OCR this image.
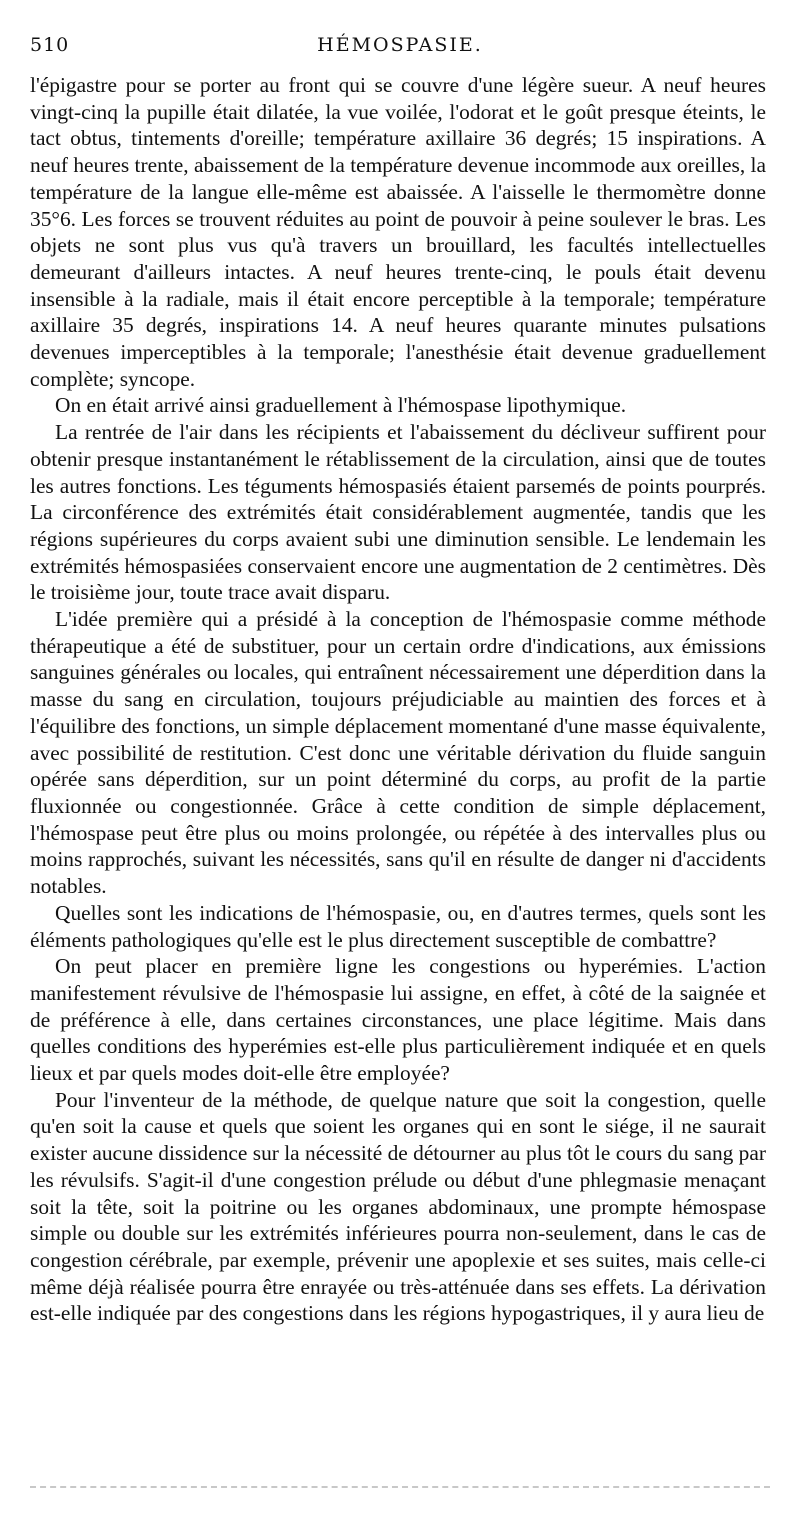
510	HÉMOSPASIE.

l'épigastre pour se porter au front qui se couvre d'une légère sueur. A neuf heures vingt-cinq la pupille était dilatée, la vue voilée, l'odorat et le goût presque éteints, le tact obtus, tintements d'oreille; température axillaire 36 degrés; 15 inspirations. A neuf heures trente, abaissement de la température devenue incommode aux oreilles, la température de la langue elle-même est abaissée. A l'aisselle le thermomètre donne 35°6. Les forces se trouvent réduites au point de pouvoir à peine soulever le bras. Les objets ne sont plus vus qu'à travers un brouillard, les facultés intellectuelles demeurant d'ailleurs intactes. A neuf heures trente-cinq, le pouls était devenu insensible à la radiale, mais il était encore perceptible à la temporale; température axillaire 35 degrés, inspirations 14. A neuf heures quarante minutes pulsations devenues imperceptibles à la temporale; l'anesthésie était devenue graduellement complète; syncope.

On en était arrivé ainsi graduellement à l'hémospase lipothymique.

La rentrée de l'air dans les récipients et l'abaissement du décliveur suffirent pour obtenir presque instantanément le rétablissement de la circulation, ainsi que de toutes les autres fonctions. Les téguments hémospasiés étaient parsemés de points pourprés. La circonférence des extrémités était considérablement augmentée, tandis que les régions supérieures du corps avaient subi une diminution sensible. Le lendemain les extrémités hémospasiées conservaient encore une augmentation de 2 centimètres. Dès le troisième jour, toute trace avait disparu.

L'idée première qui a présidé à la conception de l'hémospasie comme méthode thérapeutique a été de substituer, pour un certain ordre d'indications, aux émissions sanguines générales ou locales, qui entraînent nécessairement une déperdition dans la masse du sang en circulation, toujours préjudiciable au maintien des forces et à l'équilibre des fonctions, un simple déplacement momentané d'une masse équivalente, avec possibilité de restitution. C'est donc une véritable dérivation du fluide sanguin opérée sans déperdition, sur un point déterminé du corps, au profit de la partie fluxionnée ou congestionnée. Grâce à cette condition de simple déplacement, l'hémospase peut être plus ou moins prolongée, ou répétée à des intervalles plus ou moins rapprochés, suivant les nécessités, sans qu'il en résulte de danger ni d'accidents notables.

Quelles sont les indications de l'hémospasie, ou, en d'autres termes, quels sont les éléments pathologiques qu'elle est le plus directement susceptible de combattre?

On peut placer en première ligne les congestions ou hyperémies. L'action manifestement révulsive de l'hémospasie lui assigne, en effet, à côté de la saignée et de préférence à elle, dans certaines circonstances, une place légitime. Mais dans quelles conditions des hyperémies est-elle plus particulièrement indiquée et en quels lieux et par quels modes doit-elle être employée?

Pour l'inventeur de la méthode, de quelque nature que soit la congestion, quelle qu'en soit la cause et quels que soient les organes qui en sont le siége, il ne saurait exister aucune dissidence sur la nécessité de détourner au plus tôt le cours du sang par les révulsifs. S'agit-il d'une congestion prélude ou début d'une phlegmasie menaçant soit la tête, soit la poitrine ou les organes abdominaux, une prompte hémospase simple ou double sur les extrémités inférieures pourra non-seulement, dans le cas de congestion cérébrale, par exemple, prévenir une apoplexie et ses suites, mais celle-ci même déjà réalisée pourra être enrayée ou très-atténuée dans ses effets. La dérivation est-elle indiquée par des congestions dans les régions hypogastriques, il y aura lieu de
